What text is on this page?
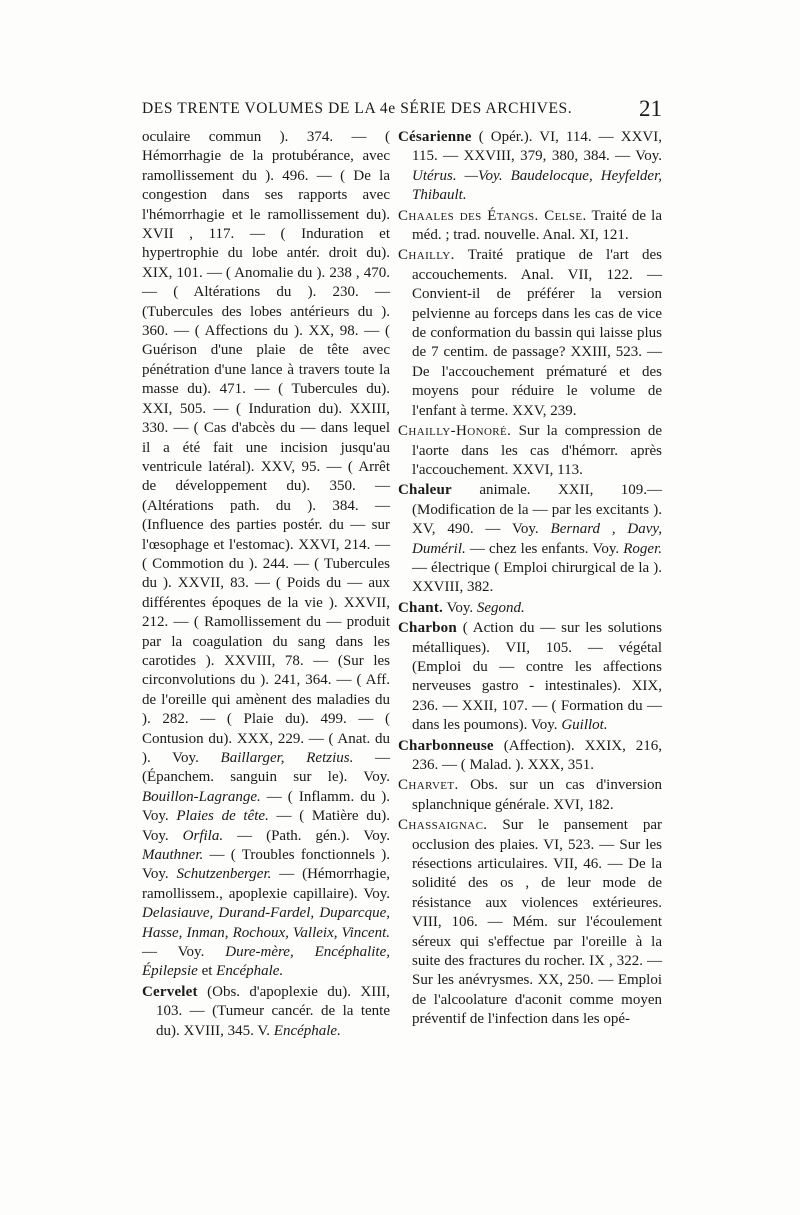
DES TRENTE VOLUMES DE LA 4e SÉRIE DES ARCHIVES.	21

oculaire commun ). 374. — ( Hémorrhagie de la protubérance, avec ramollissement du ). 496. — ( De la congestion dans ses rapports avec l'hémorrhagie et le ramollissement du). XVII , 117. — ( Induration et hypertrophie du lobe antér. droit du). XIX, 101. — ( Anomalie du ). 238 , 470. — ( Altérations du ). 230. — (Tubercules des lobes antérieurs du ). 360. — ( Affections du ). XX, 98. — ( Guérison d'une plaie de tête avec pénétration d'une lance à travers toute la masse du). 471. — ( Tubercules du). XXI, 505. — ( Induration du). XXIII, 330. — ( Cas d'abcès du — dans lequel il a été fait une incision jusqu'au ventricule latéral). XXV, 95. — ( Arrêt de développement du). 350. — (Altérations path. du ). 384. — (Influence des parties postér. du — sur l'œsophage et l'estomac). XXVI, 214. — ( Commotion du ). 244. — ( Tubercules du ). XXVII, 83. — ( Poids du — aux différentes époques de la vie ). XXVII, 212. — ( Ramollissement du — produit par la coagulation du sang dans les carotides ). XXVIII, 78. — (Sur les circonvolutions du ). 241, 364. — ( Aff. de l'oreille qui amènent des maladies du ). 282. — ( Plaie du). 499. — ( Contusion du). XXX, 229. — ( Anat. du ). Voy. Baillarger, Retzius. — (Épanchem. sanguin sur le). Voy. Bouillon-Lagrange. — ( Inflamm. du ). Voy. Plaies de tête. — ( Matière du). Voy. Orfila. — (Path. gén.). Voy. Mauthner. — ( Troubles fonctionnels ). Voy. Schutzenberger. — (Hémorrhagie, ramollissem., apoplexie capillaire). Voy. Delasiauve, Durand-Fardel, Duparcque, Hasse, Inman, Rochoux, Valleix, Vincent. — Voy. Dure-mère, Encéphalite, Épilepsie et Encéphale.

Cervelet (Obs. d'apoplexie du). XIII, 103. — (Tumeur cancér. de la tente du). XVIII, 345. V. Encéphale.

Césarienne ( Opér.). VI, 114. — XXVI, 115. — XXVIII, 379, 380, 384. — Voy. Utérus. —Voy. Baudelocque, Heyfelder, Thibault.

Chaales des Étangs. Celse. Traité de la méd. ; trad. nouvelle. Anal. XI, 121.

Chailly. Traité pratique de l'art des accouchements. Anal. VII, 122. — Convient-il de préférer la version pelvienne au forceps dans les cas de vice de conformation du bassin qui laisse plus de 7 centim. de passage? XXIII, 523. — De l'accouchement prématuré et des moyens pour réduire le volume de l'enfant à terme. XXV, 239.

Chailly-Honoré. Sur la compression de l'aorte dans les cas d'hémorr. après l'accouchement. XXVI, 113.

Chaleur animale. XXII, 109.—(Modification de la — par les excitants ). XV, 490. — Voy. Bernard , Davy, Duméril. — chez les enfants. Voy. Roger. — électrique ( Emploi chirurgical de la ). XXVIII, 382.

Chant. Voy. Segond.

Charbon ( Action du — sur les solutions métalliques). VII, 105. — végétal (Emploi du — contre les affections nerveuses gastro - intestinales). XIX, 236. — XXII, 107. — ( Formation du — dans les poumons). Voy. Guillot.

Charbonneuse (Affection). XXIX, 216, 236. — ( Malad. ). XXX, 351.

Charvet. Obs. sur un cas d'inversion splanchnique générale. XVI, 182.

Chassaignac. Sur le pansement par occlusion des plaies. VI, 523. — Sur les résections articulaires. VII, 46. — De la solidité des os , de leur mode de résistance aux violences extérieures. VIII, 106. — Mém. sur l'écoulement séreux qui s'effectue par l'oreille à la suite des fractures du rocher. IX , 322. — Sur les anévrysmes. XX, 250. — Emploi de l'alcoolature d'aconit comme moyen préventif de l'infection dans les opé-
